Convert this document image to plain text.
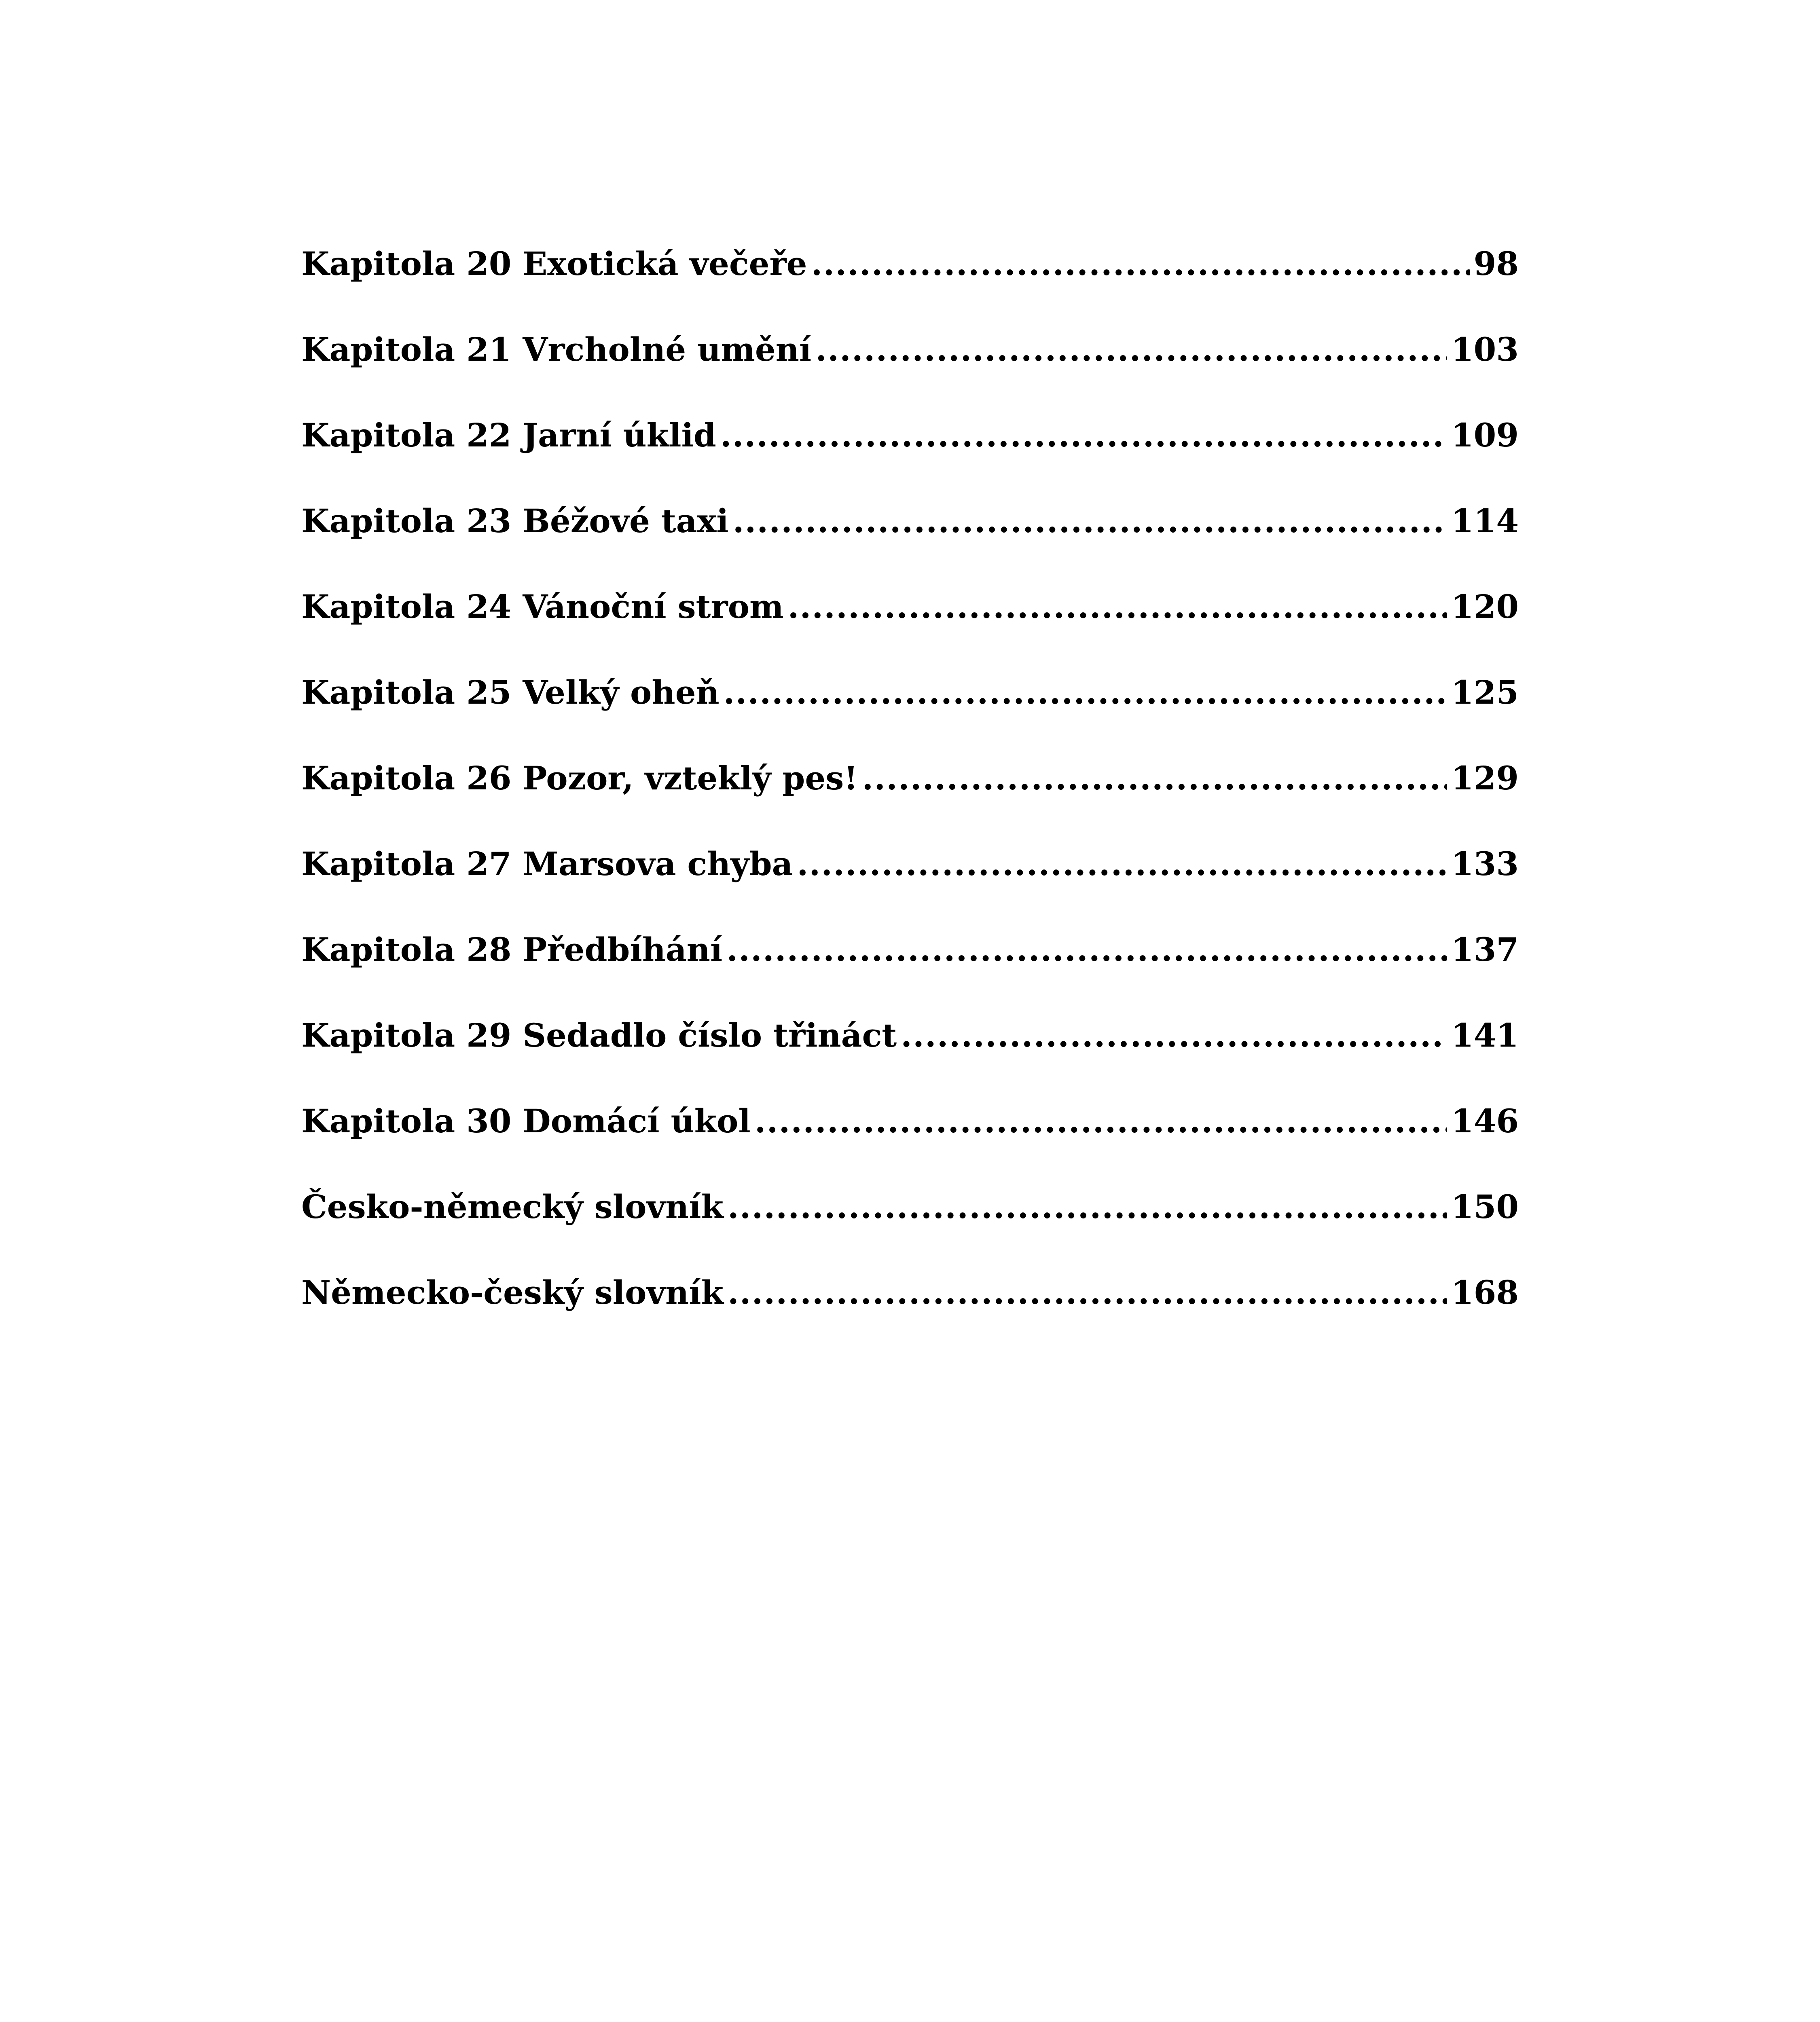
Kapitola 20 Exotická večeře .....	98
Kapitola 21 Vrcholné umění .....	103
Kapitola 22 Jarní úklid .....	109
Kapitola 23 Béžové taxi .....	114
Kapitola 24 Vánoční strom .....	120
Kapitola 25 Velký oheň .....	125
Kapitola 26 Pozor, vzteklý pes! .....	129
Kapitola 27 Marsova chyba .....	133
Kapitola 28 Předbíhání .....	137
Kapitola 29 Sedadlo číslo třináct .....	141
Kapitola 30 Domácí úkol .....	146
Česko-německý slovník .....	150
Německo-český slovník .....	168
